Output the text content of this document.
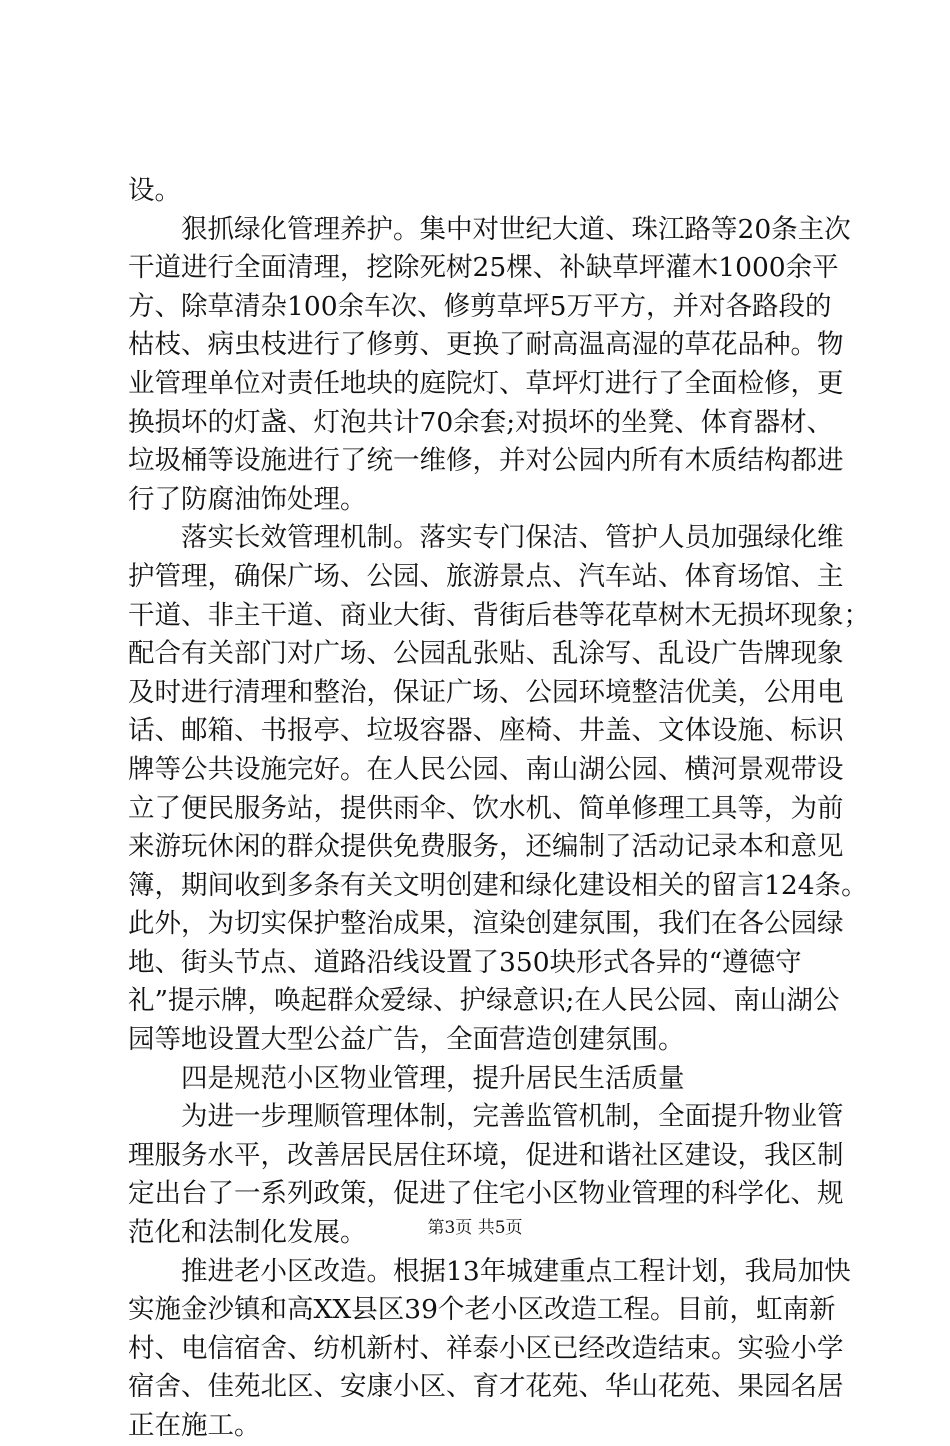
设。
狠抓绿化管理养护。集中对世纪大道、珠江路等20条主次
干道进行全面清理，挖除死树25棵、补缺草坪灌木1000余平
方、除草清杂100余车次、修剪草坪5万平方，并对各路段的
枯枝、病虫枝进行了修剪、更换了耐高温高湿的草花品种。物
业管理单位对责任地块的庭院灯、草坪灯进行了全面检修，更
换损坏的灯盏、灯泡共计70余套;对损坏的坐凳、体育器材、
垃圾桶等设施进行了统一维修，并对公园内所有木质结构都进
行了防腐油饰处理。
落实长效管理机制。落实专门保洁、管护人员加强绿化维
护管理，确保广场、公园、旅游景点、汽车站、体育场馆、主
干道、非主干道、商业大街、背街后巷等花草树木无损坏现象；
配合有关部门对广场、公园乱张贴、乱涂写、乱设广告牌现象
及时进行清理和整治，保证广场、公园环境整洁优美，公用电
话、邮箱、书报亭、垃圾容器、座椅、井盖、文体设施、标识
牌等公共设施完好。在人民公园、南山湖公园、横河景观带设
立了便民服务站，提供雨伞、饮水机、简单修理工具等，为前
来游玩休闲的群众提供免费服务，还编制了活动记录本和意见
簿，期间收到多条有关文明创建和绿化建设相关的留言124条。
此外，为切实保护整治成果，渲染创建氛围，我们在各公园绿
地、街头节点、道路沿线设置了350块形式各异的“遵德守
礼”提示牌，唤起群众爱绿、护绿意识;在人民公园、南山湖公
园等地设置大型公益广告，全面营造创建氛围。
四是规范小区物业管理，提升居民生活质量
为进一步理顺管理体制，完善监管机制，全面提升物业管
理服务水平，改善居民居住环境，促进和谐社区建设，我区制
定出台了一系列政策，促进了住宅小区物业管理的科学化、规
范化和法制化发展。
推进老小区改造。根据13年城建重点工程计划，我局加快
实施金沙镇和高XX县区39个老小区改造工程。目前，虹南新
村、电信宿舍、纺机新村、祥泰小区已经改造结束。实验小学
宿舍、佳苑北区、安康小区、育才花苑、华山花苑、果园名居
正在施工。
第3页 共5页
